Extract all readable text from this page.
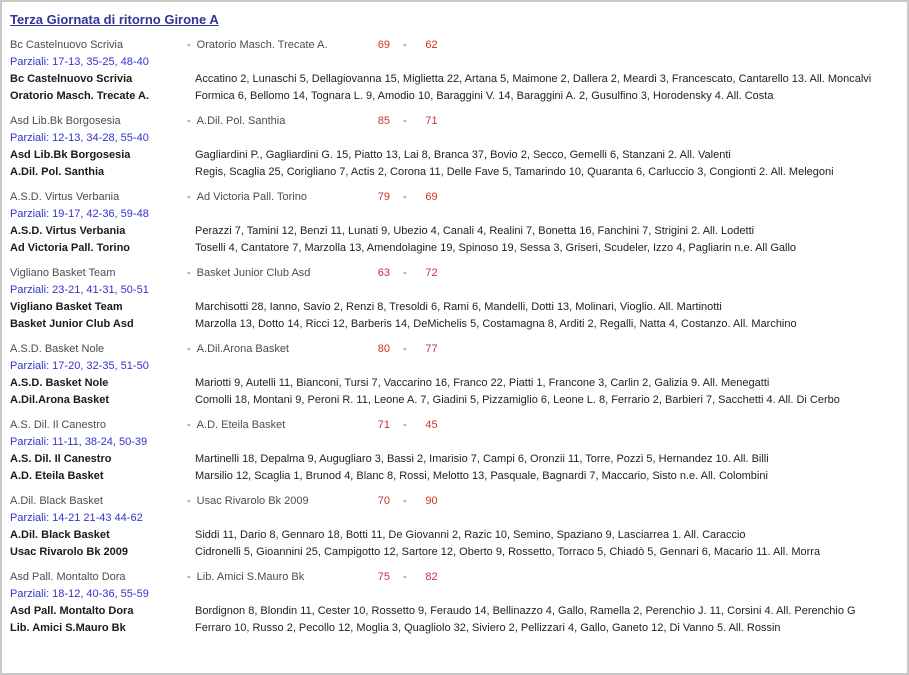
Terza Giornata di ritorno Girone A
Bc Castelnuovo Scrivia	- Oratorio Masch. Trecate A.	69 -	62
Parziali: 17-13, 35-25, 48-40
Bc Castelnuovo Scrivia	Accatino 2, Lunaschi 5, Dellagiovanna 15, Miglietta 22, Artana 5, Maimone 2, Dallera 2, Meardi 3, Francescato, Cantarello 13. All. Moncalvi
Oratorio Masch. Trecate A.	Formica 6, Bellomo 14, Tognara L. 9, Amodio 10, Baraggini V. 14, Baraggini A. 2, Gusulfino 3, Horodensky 4. All. Costa
Asd Lib.Bk Borgosesia	- A.Dil. Pol. Santhia	85 -	71
Parziali: 12-13, 34-28, 55-40
Asd Lib.Bk Borgosesia	Gagliardini P., Gagliardini G. 15, Piatto 13, Lai 8, Branca 37, Bovio 2, Secco, Gemelli 6, Stanzani 2. All. Valenti
A.Dil. Pol. Santhia	Regis, Scaglia 25, Corigliano 7, Actis 2, Corona 11, Delle Fave 5, Tamarindo 10, Quaranta 6, Carluccio 3, Congionti 2. All. Melegoni
A.S.D. Virtus Verbania	- Ad Victoria Pall. Torino	79 -	69
Parziali: 19-17, 42-36, 59-48
A.S.D. Virtus Verbania	Perazzi 7, Tamini 12, Benzi 11, Lunati 9, Ubezio 4, Canali 4, Realini 7, Bonetta 16, Fanchini 7, Strigini 2. All. Lodetti
Ad Victoria Pall. Torino	Toselli 4, Cantatore 7, Marzolla 13, Amendolagine 19, Spinoso 19, Sessa 3, Griseri, Scudeler, Izzo 4, Pagliarin n.e. All Gallo
Vigliano Basket Team	- Basket Junior Club Asd	63 -	72
Parziali: 23-21, 41-31, 50-51
Vigliano Basket Team	Marchisotti 28, Ianno, Savio 2, Renzi 8, Tresoldi 6, Rami 6, Mandelli, Dotti 13, Molinari, Vioglio. All. Martinotti
Basket Junior Club Asd	Marzolla 13, Dotto 14, Ricci 12, Barberis 14, DeMichelis 5, Costamagna 8, Arditi 2, Regalli, Natta 4, Costanzo. All. Marchino
A.S.D. Basket Nole	- A.Dil.Arona Basket	80 -	77
Parziali: 17-20, 32-35, 51-50
A.S.D. Basket Nole	Mariotti 9, Autelli 11, Bianconi, Tursi 7, Vaccarino 16, Franco 22, Piatti 1, Francone 3, Carlin 2, Galizia 9. All. Menegatti
A.Dil.Arona Basket	Comolli 18, Montani 9, Peroni R. 11, Leone A. 7, Giadini 5, Pizzamiglio 6, Leone L. 8, Ferrario 2, Barbieri 7, Sacchetti 4. All. Di Cerbo
A.S. Dil. Il Canestro	- A.D. Eteila Basket	71 -	45
Parziali: 11-11, 38-24, 50-39
A.S. Dil. Il Canestro	Martinelli 18, Depalma 9, Augugliaro 3, Bassi 2, Imarisio 7, Campi 6, Oronzii 11, Torre, Pozzi 5, Hernandez 10. All. Billi
A.D. Eteila Basket	Marsilio 12, Scaglia 1, Brunod 4, Blanc 8, Rossi, Melotto 13, Pasquale, Bagnardi 7, Maccario, Sisto n.e. All. Colombini
A.Dil. Black Basket	- Usac Rivarolo Bk 2009	70 -	90
Parziali: 14-21 21-43 44-62
A.Dil. Black Basket	Siddi 11, Dario 8, Gennaro 18, Botti 11, De Giovanni 2, Razic 10, Semino, Spaziano 9, Lasciarrea 1. All. Caraccio
Usac Rivarolo Bk 2009	Cidronelli 5, Gioannini 25, Campigotto 12, Sartore 12, Oberto 9, Rossetto, Torraco 5, Chiadò 5, Gennari 6, Macario 11. All. Morra
Asd Pall. Montalto Dora	- Lib. Amici S.Mauro Bk	75 -	82
Parziali: 18-12, 40-36, 55-59
Asd Pall. Montalto Dora	Bordignon 8, Blondin 11, Cester 10, Rossetto 9, Feraudo 14, Bellinazzo 4, Gallo, Ramella 2, Perenchio J. 11, Corsini 4. All. Perenchio G
Lib. Amici S.Mauro Bk	Ferraro 10, Russo 2, Pecollo 12, Moglia 3, Quagliolo 32, Siviero 2, Pellizzari 4, Gallo, Ganeto 12, Di Vanno 5. All. Rossin
